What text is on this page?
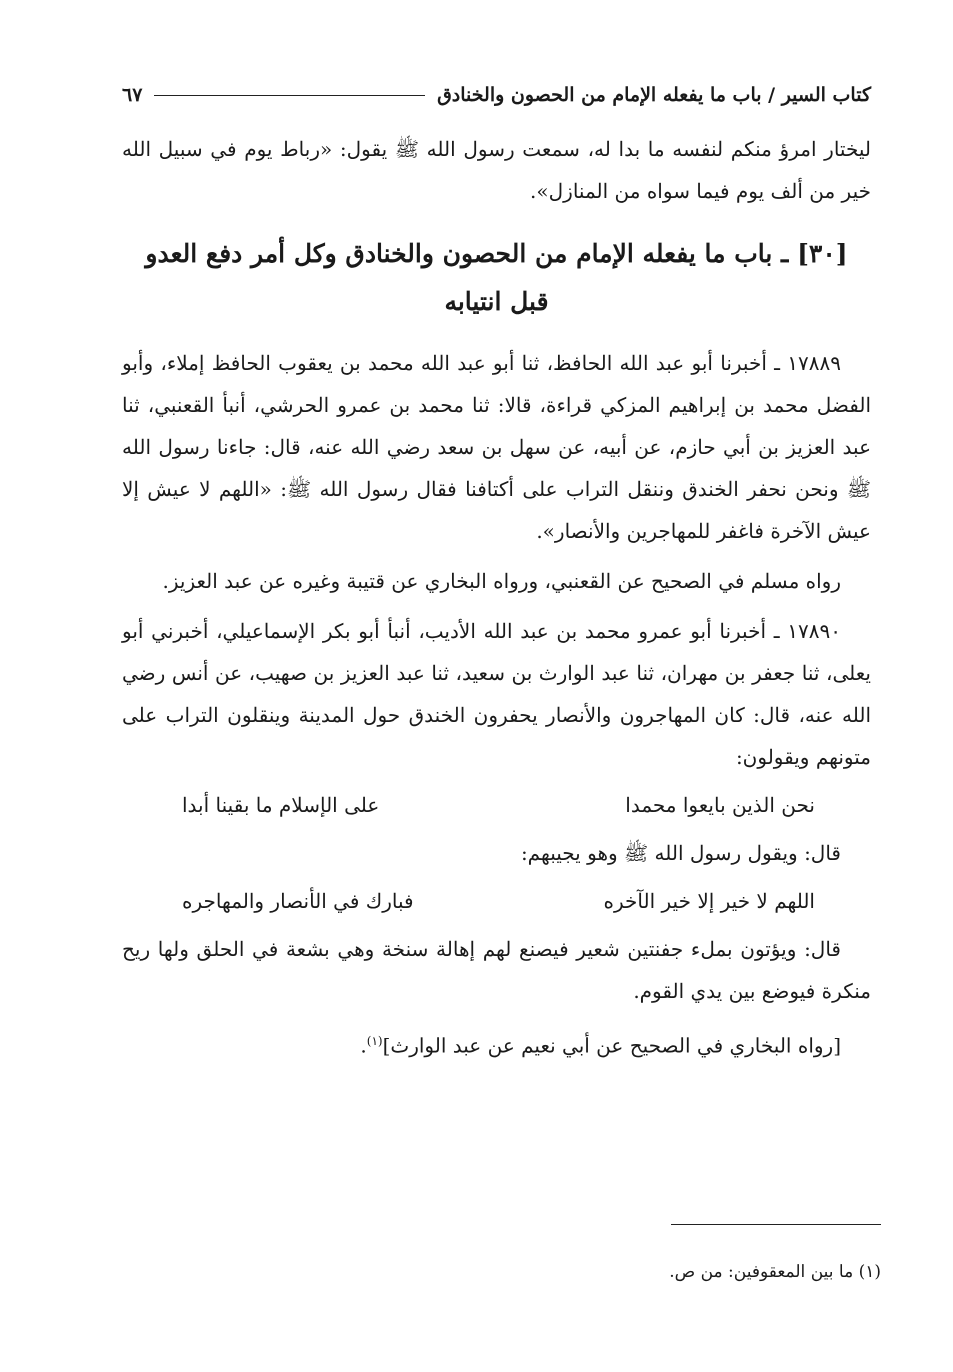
كتاب السير / باب ما يفعله الإمام من الحصون والخنادق
٦٧

ليختار امرؤ منكم لنفسه ما بدا له، سمعت رسول الله ﷺ يقول: «رباط يوم في سبيل الله خير من ألف يوم فيما سواه من المنازل».

[٣٠] ـ باب ما يفعله الإمام من الحصون والخنادق وكل أمر دفع العدو قبل انتيابه

١٧٨٨٩ ـ أخبرنا أبو عبد الله الحافظ، ثنا أبو عبد الله محمد بن يعقوب الحافظ إملاء، وأبو الفضل محمد بن إبراهيم المزكي قراءة، قالا: ثنا محمد بن عمرو الحرشي، أنبأ القعنبي، ثنا عبد العزيز بن أبي حازم، عن أبيه، عن سهل بن سعد رضي الله عنه، قال: جاءنا رسول الله ﷺ ونحن نحفر الخندق وننقل التراب على أكتافنا فقال رسول الله ﷺ: «اللهم لا عيش إلا عيش الآخرة فاغفر للمهاجرين والأنصار».

رواه مسلم في الصحيح عن القعنبي، ورواه البخاري عن قتيبة وغيره عن عبد العزيز.

١٧٨٩٠ ـ أخبرنا أبو عمرو محمد بن عبد الله الأديب، أنبأ أبو بكر الإسماعيلي، أخبرني أبو يعلى، ثنا جعفر بن مهران، ثنا عبد الوارث بن سعيد، ثنا عبد العزيز بن صهيب، عن أنس رضي الله عنه، قال: كان المهاجرون والأنصار يحفرون الخندق حول المدينة وينقلون التراب على متونهم ويقولون:

نحن الذين بايعوا محمدا
على الإسلام ما بقينا أبدا

قال: ويقول رسول الله ﷺ وهو يجيبهم:

اللهم لا خير إلا خير الآخره
فبارك في الأنصار والمهاجره

قال: ويؤتون بملء جفنتين شعير فيصنع لهم إهالة سنخة وهي بشعة في الحلق ولها ريح منكرة فيوضع بين يدي القوم.

[رواه البخاري في الصحيح عن أبي نعيم عن عبد الوارث]$^{(١)}$.

(١) ما بين المعقوفين: من ص.
